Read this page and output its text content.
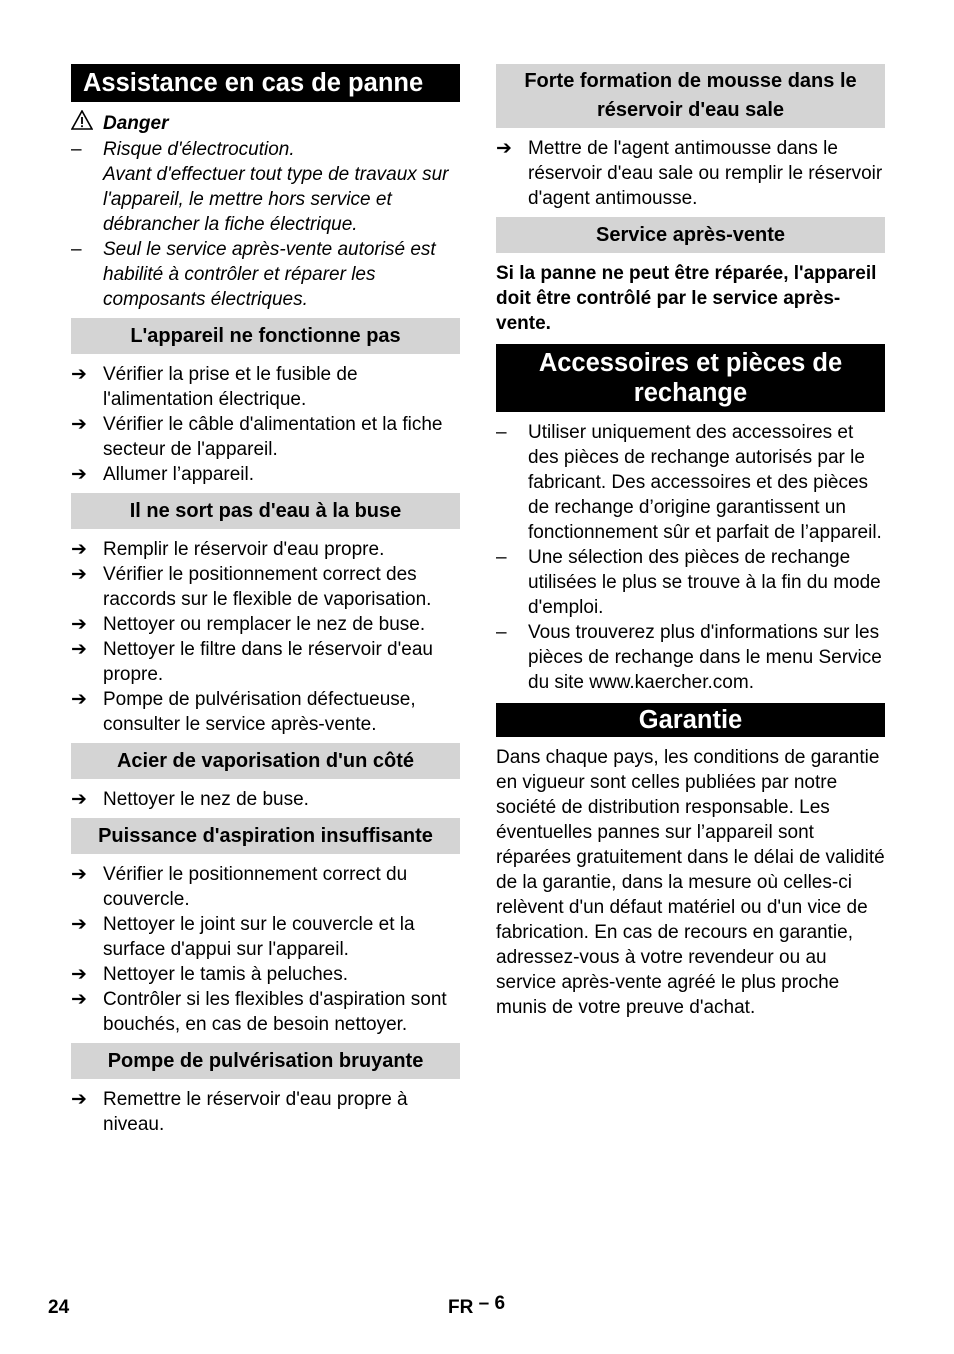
Assistance en cas de panne
Danger
–	Risque d'électrocution.
Avant d'effectuer tout type de travaux sur l'appareil, le mettre hors service et débrancher la fiche électrique.
–	Seul le service après-vente autorisé est habilité à contrôler et réparer les composants électriques.
L'appareil ne fonctionne pas
➔ Vérifier la prise et le fusible de l'alimentation électrique.
➔ Vérifier le câble d'alimentation et la fiche secteur de l'appareil.
➔ Allumer l’appareil.
Il ne sort pas d'eau à la buse
➔ Remplir le réservoir d'eau propre.
➔ Vérifier le positionnement correct des raccords sur le flexible de vaporisation.
➔ Nettoyer ou remplacer le nez de buse.
➔ Nettoyer le filtre dans le réservoir d'eau propre.
➔ Pompe de pulvérisation défectueuse, consulter le service après-vente.
Acier de vaporisation d'un côté
➔ Nettoyer le nez de buse.
Puissance d'aspiration insuffisante
➔ Vérifier le positionnement correct du couvercle.
➔ Nettoyer le joint sur le couvercle et la surface d'appui sur l'appareil.
➔ Nettoyer le tamis à peluches.
➔ Contrôler si les flexibles d'aspiration sont bouchés, en cas de besoin nettoyer.
Pompe de pulvérisation bruyante
➔ Remettre le réservoir d'eau propre à niveau.
Forte formation de mousse dans le réservoir d'eau sale
➔ Mettre de l'agent antimousse dans le réservoir d'eau sale ou remplir le réservoir d'agent antimousse.
Service après-vente
Si la panne ne peut être réparée, l'appareil doit être contrôlé par le service après-vente.
Accessoires et pièces de rechange
–	Utiliser uniquement des accessoires et des pièces de rechange autorisés par le fabricant. Des accessoires et des pièces de rechange d’origine garantissent un fonctionnement sûr et parfait de l’appareil.
–	Une sélection des pièces de rechange utilisées le plus se trouve à la fin du mode d'emploi.
–	Vous trouverez plus d'informations sur les pièces de rechange dans le menu Service du site www.kaercher.com.
Garantie
Dans chaque pays, les conditions de garantie en vigueur sont celles publiées par notre société de distribution responsable. Les éventuelles pannes sur l’appareil sont réparées gratuitement dans le délai de validité de la garantie, dans la mesure où celles-ci relèvent d'un défaut matériel ou d'un vice de fabrication. En cas de recours en garantie, adressez-vous à votre revendeur ou au service après-vente agréé le plus proche munis de votre preuve d'achat.
24	FR – 6
